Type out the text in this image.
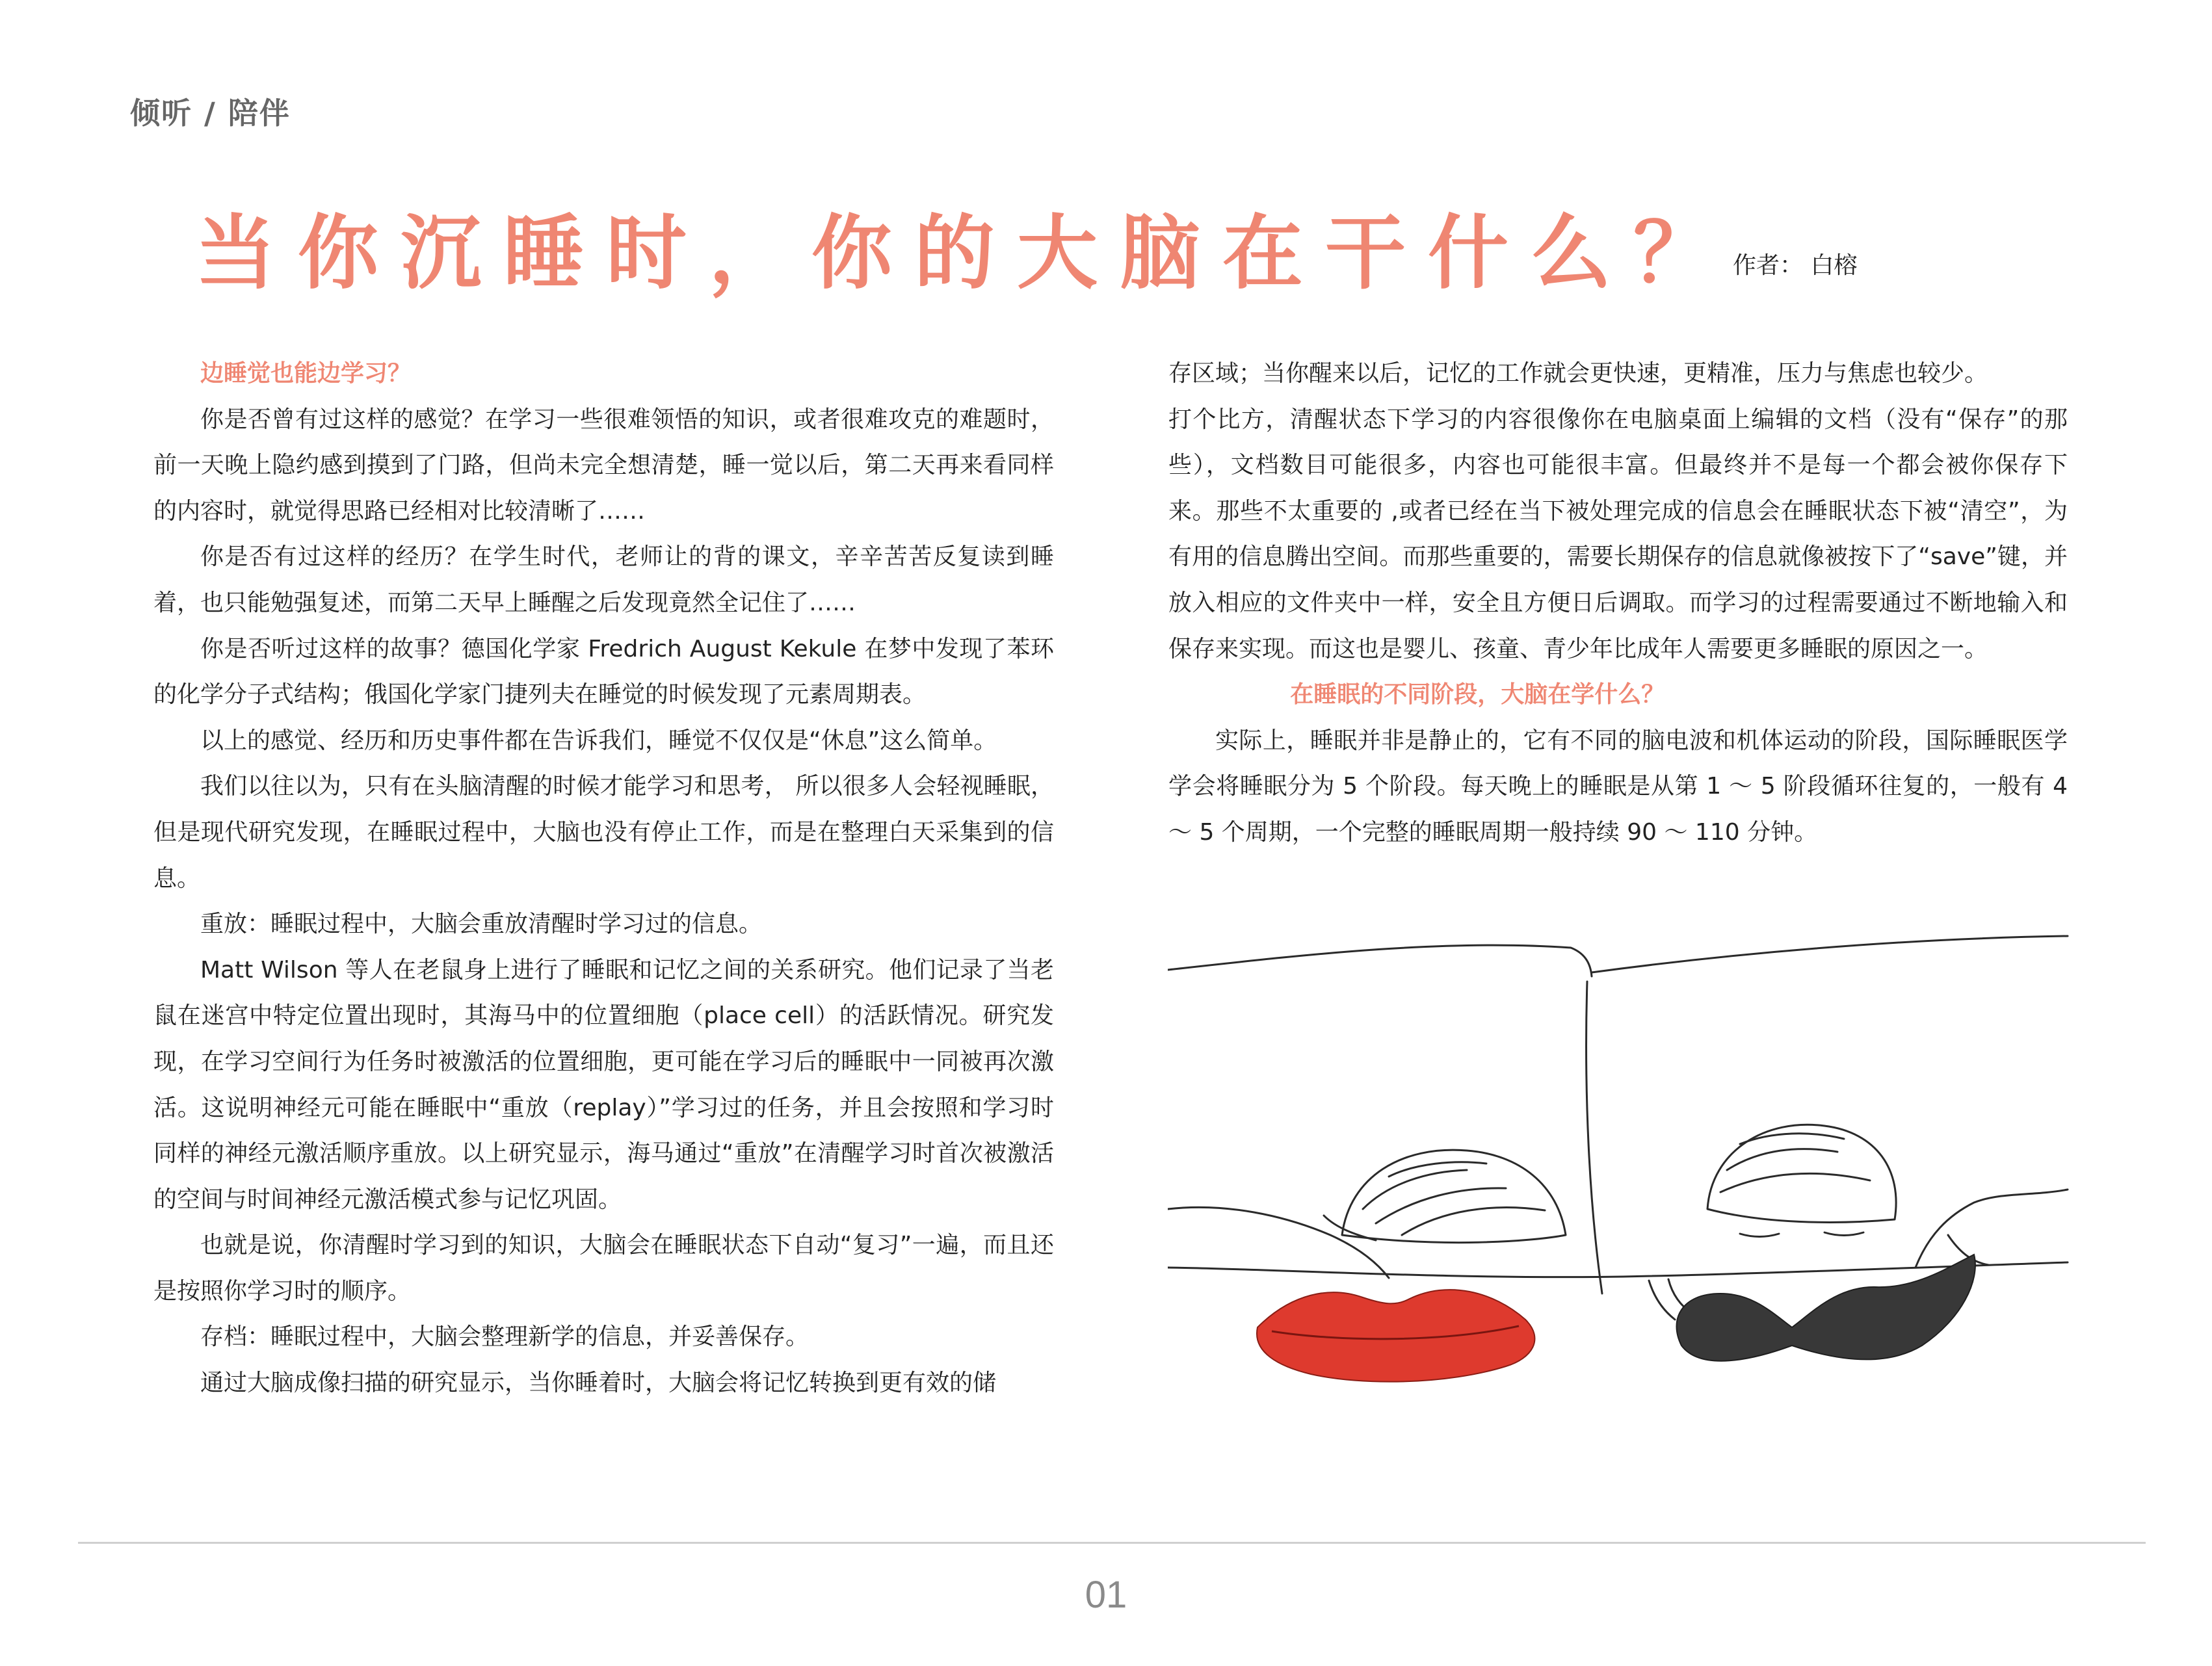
倾听 / 陪伴
当你沉睡时，你的大脑在干什么？
作者： 白榕

边睡觉也能边学习？

你是否曾有过这样的感觉？在学习一些很难领悟的知识，或者很难攻克的难题时，前一天晚上隐约感到摸到了门路，但尚未完全想清楚，睡一觉以后，第二天再来看同样的内容时，就觉得思路已经相对比较清晰了……

你是否有过这样的经历？在学生时代，老师让的背的课文，辛辛苦苦反复读到睡着，也只能勉强复述，而第二天早上睡醒之后发现竟然全记住了……

你是否听过这样的故事？德国化学家 Fredrich August Kekule 在梦中发现了苯环的化学分子式结构；俄国化学家门捷列夫在睡觉的时候发现了元素周期表。

以上的感觉、经历和历史事件都在告诉我们，睡觉不仅仅是“休息”这么简单。

我们以往以为，只有在头脑清醒的时候才能学习和思考， 所以很多人会轻视睡眠，但是现代研究发现，在睡眠过程中，大脑也没有停止工作，而是在整理白天采集到的信息。

重放：睡眠过程中，大脑会重放清醒时学习过的信息。

Matt Wilson 等人在老鼠身上进行了睡眠和记忆之间的关系研究。他们记录了当老鼠在迷宫中特定位置出现时，其海马中的位置细胞（place cell）的活跃情况。研究发现，在学习空间行为任务时被激活的位置细胞，更可能在学习后的睡眠中一同被再次激活。这说明神经元可能在睡眠中“重放（replay）”学习过的任务，并且会按照和学习时同样的神经元激活顺序重放。以上研究显示，海马通过“重放”在清醒学习时首次被激活的空间与时间神经元激活模式参与记忆巩固。

也就是说，你清醒时学习到的知识，大脑会在睡眠状态下自动“复习”一遍，而且还是按照你学习时的顺序。

存档：睡眠过程中，大脑会整理新学的信息，并妥善保存。

通过大脑成像扫描的研究显示，当你睡着时，大脑会将记忆转换到更有效的储

存区域；当你醒来以后，记忆的工作就会更快速，更精准，压力与焦虑也较少。

打个比方，清醒状态下学习的内容很像你在电脑桌面上编辑的文档（没有“保存”的那些），文档数目可能很多，内容也可能很丰富。但最终并不是每一个都会被你保存下来。那些不太重要的 ,或者已经在当下被处理完成的信息会在睡眠状态下被“清空”，为有用的信息腾出空间。而那些重要的，需要长期保存的信息就像被按下了“save”键，并放入相应的文件夹中一样，安全且方便日后调取。而学习的过程需要通过不断地输入和保存来实现。而这也是婴儿、孩童、青少年比成年人需要更多睡眠的原因之一。

在睡眠的不同阶段，大脑在学什么？

实际上，睡眠并非是静止的，它有不同的脑电波和机体运动的阶段，国际睡眠医学学会将睡眠分为 5 个阶段。每天晚上的睡眠是从第 1 ～ 5 阶段循环往复的，一般有 4 ～ 5 个周期，一个完整的睡眠周期一般持续 90 ～ 110 分钟。

01
